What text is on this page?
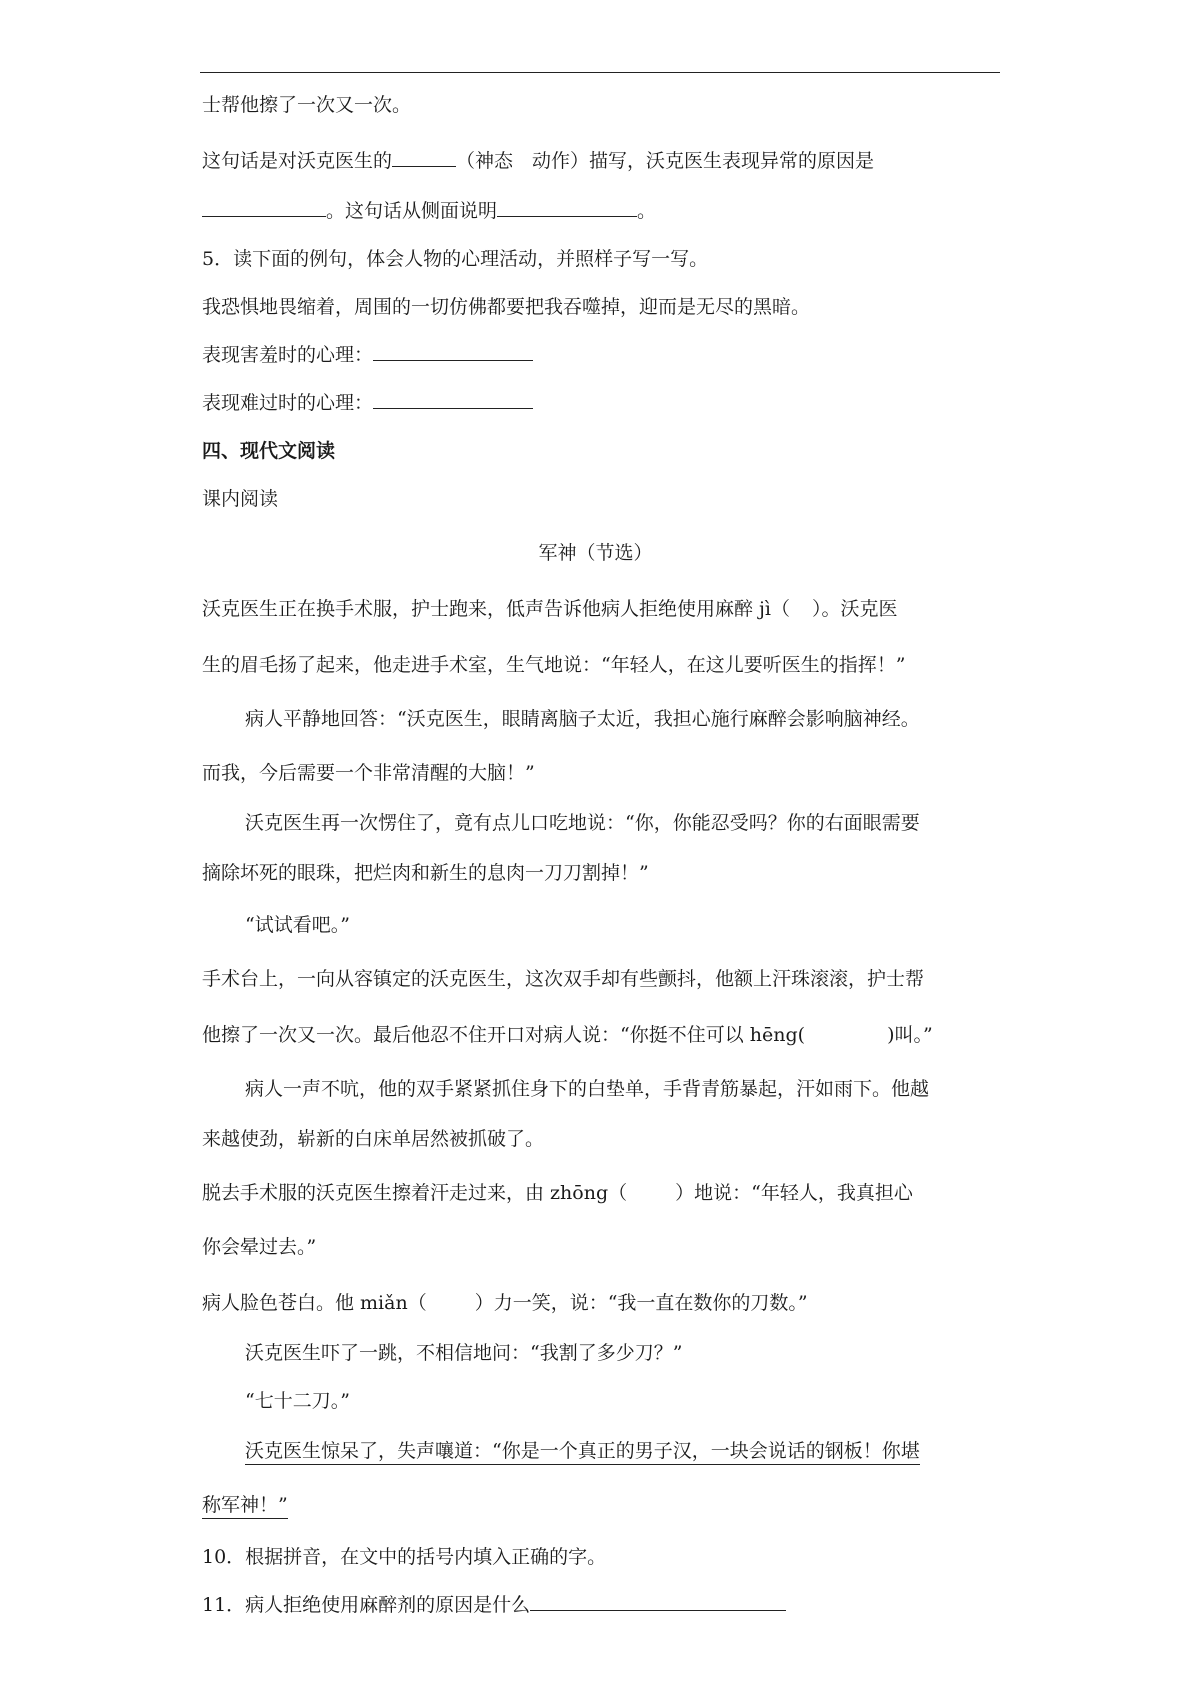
士帮他擦了一次又一次。
这句话是对沃克医生的	（神态　动作）描写，沃克医生表现异常的原因是
。这句话从侧面说明	。
5．读下面的例句，体会人物的心理活动，并照样子写一写。
我恐惧地畏缩着，周围的一切仿佛都要把我吞噬掉，迎而是无尽的黑暗。
表现害羞时的心理：
表现难过时的心理：
四、现代文阅读
课内阅读
军神（节选）
沃克医生正在换手术服，护士跑来，低声告诉他病人拒绝使用麻醉 jì（ ）。沃克医
生的眉毛扬了起来，他走进手术室，生气地说：“年轻人，在这儿要听医生的指挥！”
病人平静地回答：“沃克医生，眼睛离脑子太近，我担心施行麻醉会影响脑神经。
而我，今后需要一个非常清醒的大脑！”
沃克医生再一次愣住了，竟有点儿口吃地说：“你，你能忍受吗？你的右面眼需要
摘除坏死的眼珠，把烂肉和新生的息肉一刀刀割掉！”
“试试看吧。”
手术台上，一向从容镇定的沃克医生，这次双手却有些颤抖，他额上汗珠滚滚，护士帮
他擦了一次又一次。最后他忍不住开口对病人说：“你挺不住可以 hēng(	)叫。”
病人一声不吭，他的双手紧紧抓住身下的白垫单，手背青筋暴起，汗如雨下。他越
来越使劲，崭新的白床单居然被抓破了。
脱去手术服的沃克医生擦着汗走过来，由 zhōng（	）地说：“年轻人，我真担心
你会晕过去。”
病人脸色苍白。他 miǎn（	）力一笑，说：“我一直在数你的刀数。”
沃克医生吓了一跳，不相信地问：“我割了多少刀？”
“七十二刀。”
沃克医生惊呆了，失声嚷道：“你是一个真正的男子汉，一块会说话的钢板！你堪
称军神！”
10．根据拼音，在文中的括号内填入正确的字。
11．病人拒绝使用麻醉剂的原因是什么
